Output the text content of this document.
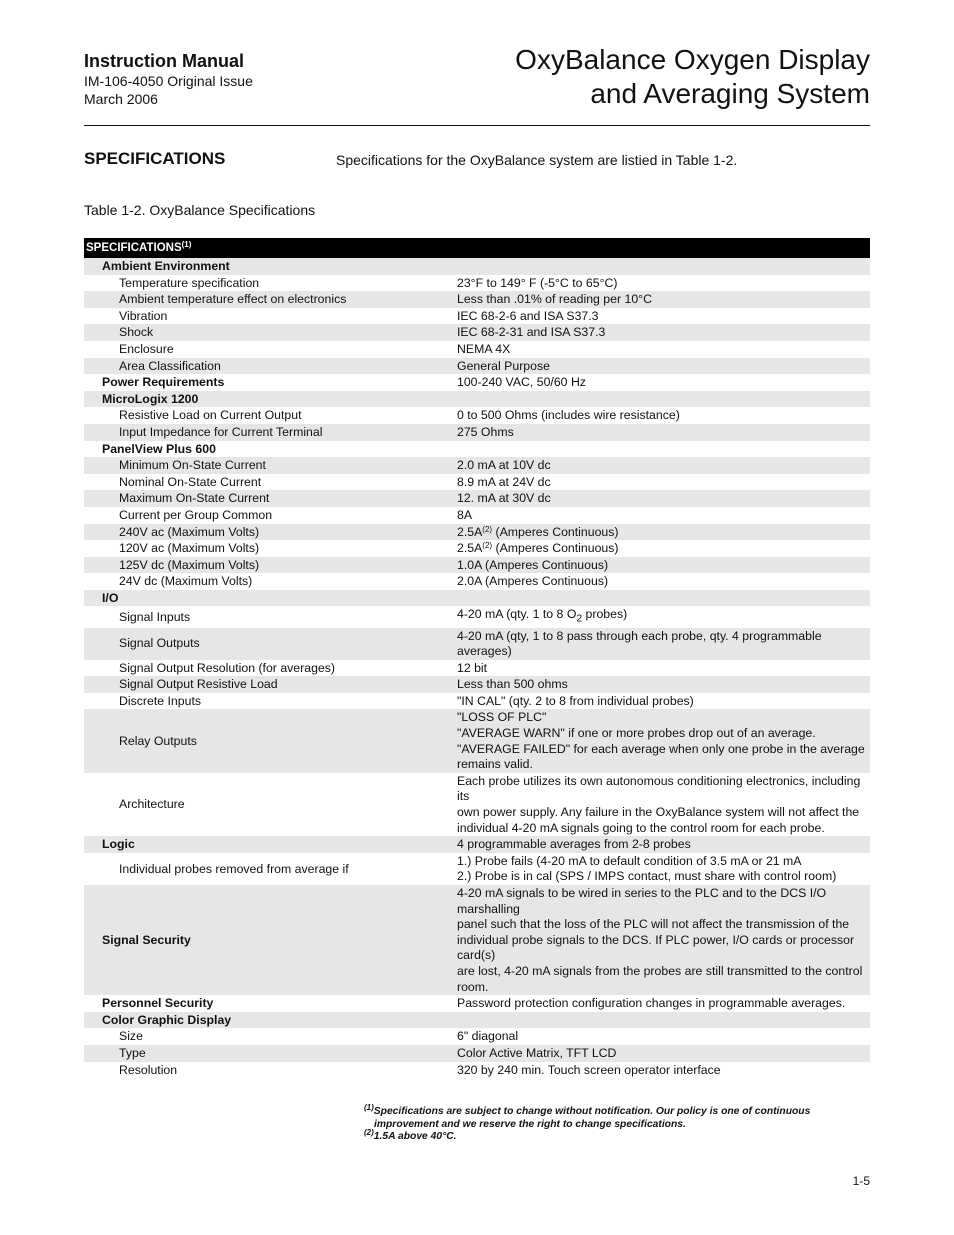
Instruction Manual
IM-106-4050 Original Issue
March 2006
OxyBalance Oxygen Display
and Averaging System
SPECIFICATIONS	Specifications for the OxyBalance system are listied in Table 1-2.
Table 1-2. OxyBalance Specifications
SPECIFICATIONS$^{(1)}$
Ambient Environment	
Temperature specification	23°F to 149° F (-5°C to 65°C)
Ambient temperature effect on electronics	Less than .01% of reading per 10°C
Vibration	IEC 68-2-6 and ISA S37.3
Shock	IEC 68-2-31 and ISA S37.3
Enclosure	NEMA 4X
Area Classification	General Purpose
Power Requirements	100-240 VAC, 50/60 Hz
MicroLogix 1200	
Resistive Load on Current Output	0 to 500 Ohms (includes wire resistance)
Input Impedance for Current Terminal	275 Ohms
PanelView Plus 600	
Minimum On-State Current	2.0 mA at 10V dc
Nominal On-State Current	8.9 mA at 24V dc
Maximum On-State Current	12. mA at 30V dc
Current per Group Common	8A
240V ac (Maximum Volts)	2.5A$^{(2)}$ (Amperes Continuous)
120V ac (Maximum Volts)	2.5A$^{(2)}$ (Amperes Continuous)
125V dc (Maximum Volts)	1.0A (Amperes Continuous)
24V dc (Maximum Volts)	2.0A (Amperes Continuous)
I/O	
Signal Inputs	4-20 mA (qty. 1 to 8 $O_2$ probes)
Signal Outputs	4-20 mA (qty, 1 to 8 pass through each probe, qty. 4 programmable averages)
Signal Output Resolution (for averages)	12 bit
Signal Output Resistive Load	Less than 500 ohms
Discrete Inputs	"IN CAL" (qty. 2 to 8 from individual probes)
Relay Outputs	"LOSS OF PLC"
"AVERAGE WARN" if one or more probes drop out of an average.
"AVERAGE FAILED" for each average when only one probe in the average
remains valid.

Architecture	Each probe utilizes its own autonomous conditioning electronics, including its
own power supply. Any failure in the OxyBalance system will not affect the
individual 4-20 mA signals going to the control room for each probe.

Logic	4 programmable averages from 2-8 probes
Individual probes removed from average if	1.) Probe fails (4-20 mA to default condition of 3.5 mA or 21 mA
2.) Probe is in cal (SPS / IMPS contact, must share with control room)

Signal Security	4-20 mA signals to be wired in series to the PLC and to the DCS I/O marshalling
panel such that the loss of the PLC will not affect the transmission of the
individual probe signals to the DCS. If PLC power, I/O cards or processor card(s)
are lost, 4-20 mA signals from the probes are still transmitted to the control room.

Personnel Security	Password protection configuration changes in programmable averages.
Color Graphic Display	
Size	6" diagonal
Type	Color Active Matrix, TFT LCD
Resolution	320 by 240 min. Touch screen operator interface
$^{(1)}$Specifications are subject to change without notification. Our policy is one of continuous
improvement and we reserve the right to change specifications.
$^{(2)}$1.5A above 40°C.
1-5
